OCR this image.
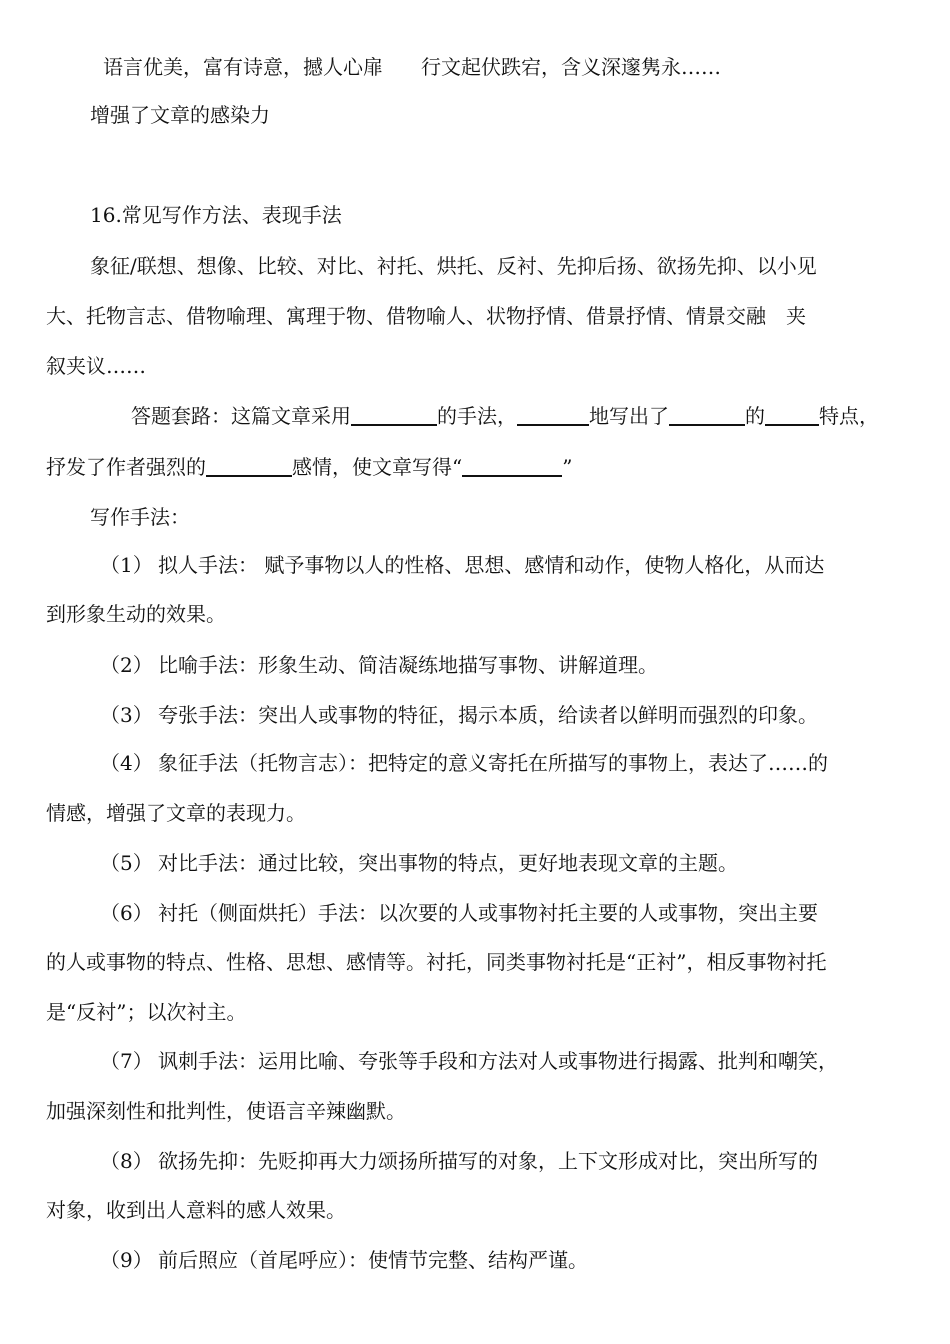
语言优美，富有诗意，撼人心扉 行文起伏跌宕，含义深邃隽永……
增强了文章的感染力
16.常见写作方法、表现手法
象征/联想、想像、比较、对比、衬托、烘托、反衬、先抑后扬、欲扬先抑、以小见
大、托物言志、借物喻理、寓理于物、借物喻人、状物抒情、借景抒情、情景交融　夹
叙夹议……
答题套路：这篇文章采用	的手法，	地写出了	的	特点，
抒发了作者强烈的	感情，使文章写得“	”
写作手法：
（1） 拟人手法： 赋予事物以人的性格、思想、感情和动作，使物人格化，从而达
到形象生动的效果。
（2） 比喻手法：形象生动、简洁凝练地描写事物、讲解道理。
（3） 夸张手法：突出人或事物的特征，揭示本质，给读者以鲜明而强烈的印象。
（4） 象征手法（托物言志）：把特定的意义寄托在所描写的事物上，表达了……的
情感，增强了文章的表现力。
（5） 对比手法：通过比较，突出事物的特点，更好地表现文章的主题。
（6） 衬托（侧面烘托）手法：以次要的人或事物衬托主要的人或事物，突出主要
的人或事物的特点、性格、思想、感情等。衬托，同类事物衬托是“正衬”，相反事物衬托
是“反衬”；以次衬主。
（7） 讽刺手法：运用比喻、夸张等手段和方法对人或事物进行揭露、批判和嘲笑，
加强深刻性和批判性，使语言辛辣幽默。
（8） 欲扬先抑：先贬抑再大力颂扬所描写的对象，上下文形成对比，突出所写的
对象，收到出人意料的感人效果。
（9） 前后照应（首尾呼应）：使情节完整、结构严谨。
